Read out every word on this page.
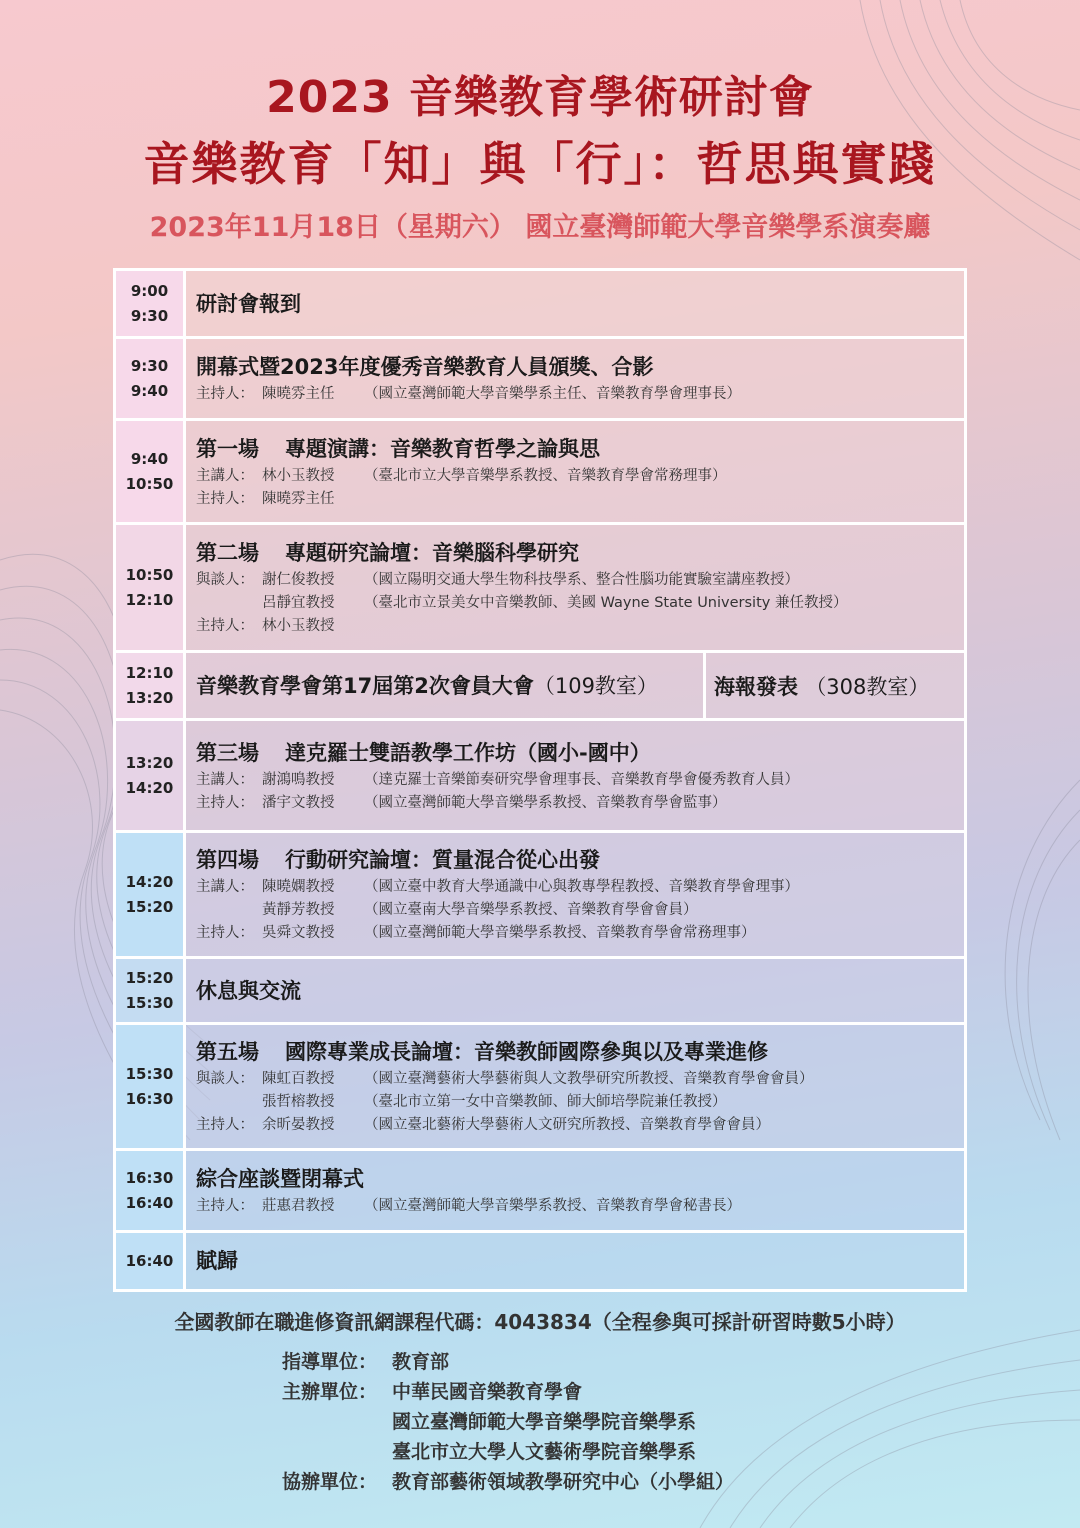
2023 音樂教育學術研討會
音樂教育「知」與「行」：哲思與實踐
2023年11月18日（星期六） 國立臺灣師範大學音樂學系演奏廳
9:00
9:30 研討會報到
9:30
9:40
開幕式暨2023年度優秀音樂教育人員頒獎、合影
主持人： 陳曉雰主任 （國立臺灣師範大學音樂學系主任、音樂教育學會理事長）
9:40
10:50
第一場 專題演講：音樂教育哲學之論與思
主講人： 林小玉教授 （臺北市立大學音樂學系教授、音樂教育學會常務理事）
主持人： 陳曉雰主任
10:50
12:10
第二場 專題研究論壇：音樂腦科學研究
與談人： 謝仁俊教授 （國立陽明交通大學生物科技學系、整合性腦功能實驗室講座教授）
呂靜宜教授 （臺北市立景美女中音樂教師、美國 Wayne State University 兼任教授）
主持人： 林小玉教授
12:10
13:20 音樂教育學會第17屆第2次會員大會（109教室）	海報發表
（308教室）
13:20
14:20
第三場 達克羅士雙語教學工作坊（國小-國中）
主講人： 謝鴻鳴教授 （達克羅士音樂節奏研究學會理事長、音樂教育學會優秀教育人員）
主持人： 潘宇文教授 （國立臺灣師範大學音樂學系教授、音樂教育學會監事）
14:20
15:20
第四場 行動研究論壇：質量混合從心出發
主講人： 陳曉嫻教授 （國立臺中教育大學通識中心與教專學程教授、音樂教育學會理事）
黃靜芳教授 （國立臺南大學音樂學系教授、音樂教育學會會員）
主持人： 吳舜文教授 （國立臺灣師範大學音樂學系教授、音樂教育學會常務理事）
15:20
15:30 休息與交流
15:30
16:30
第五場 國際專業成長論壇：音樂教師國際參與以及專業進修
與談人： 陳虹百教授 （國立臺灣藝術大學藝術與人文教學研究所教授、音樂教育學會會員）
張哲榕教授 （臺北市立第一女中音樂教師、師大師培學院兼任教授）
主持人： 余昕晏教授 （國立臺北藝術大學藝術人文研究所教授、音樂教育學會會員）
16:30
16:40
綜合座談暨閉幕式
主持人： 莊惠君教授 （國立臺灣師範大學音樂學系教授、音樂教育學會秘書長）
16:40 賦歸
全國教師在職進修資訊網課程代碼：4043834（全程參與可採計研習時數5小時）
指導單位： 教育部
主辦單位： 中華民國音樂教育學會
國立臺灣師範大學音樂學院音樂學系
臺北市立大學人文藝術學院音樂學系
協辦單位： 教育部藝術領域教學研究中心（小學組）
